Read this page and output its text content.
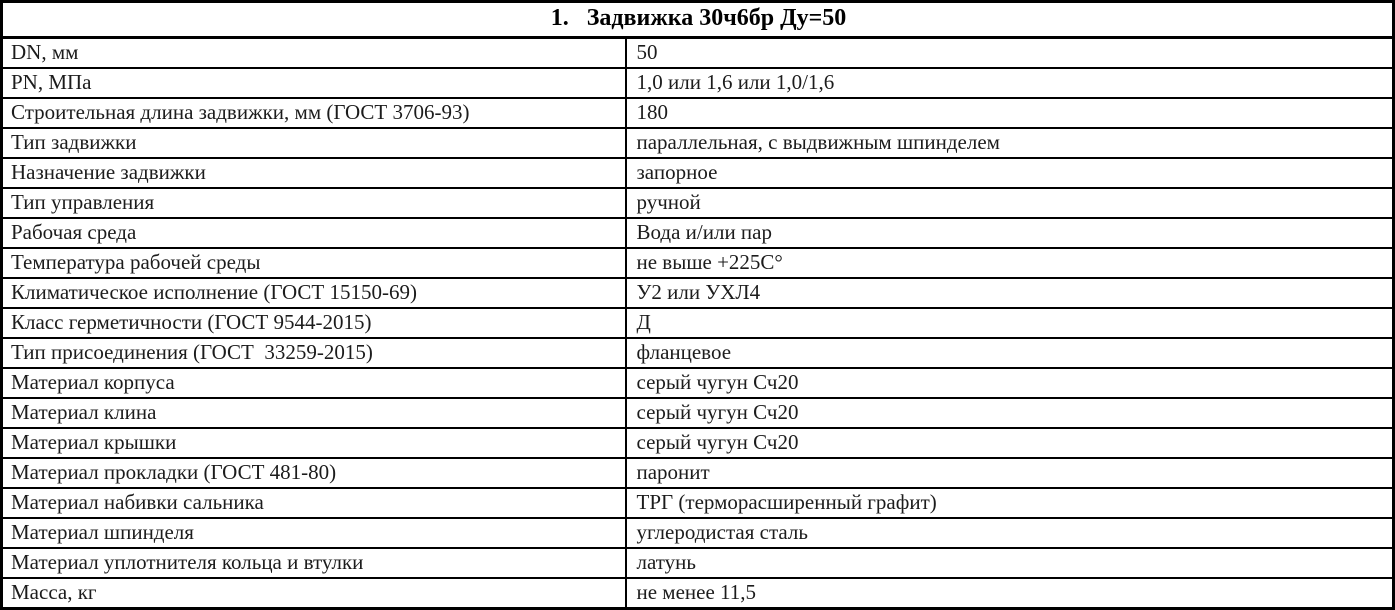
1.   Задвижка 30ч6бр Ду=50	
DN, мм	50
PN, МПа	1,0 или 1,6 или 1,0/1,6
Строительная длина задвижки, мм (ГОСТ 3706-93)	180
Тип задвижки	параллельная, с выдвижным шпинделем
Назначение задвижки	запорное
Тип управления	ручной
Рабочая среда	Вода и/или пар
Температура рабочей среды	не выше +225С°
Климатическое исполнение (ГОСТ 15150-69)	У2 или УХЛ4
Класс герметичности (ГОСТ 9544-2015)	Д
Тип присоединения (ГОСТ  33259-2015)	фланцевое
Материал корпуса	серый чугун Сч20
Материал клина	серый чугун Сч20
Материал крышки	серый чугун Сч20
Материал прокладки (ГОСТ 481-80)	паронит
Материал набивки сальника	ТРГ (терморасширенный графит)
Материал шпинделя	углеродистая сталь
Материал уплотнителя кольца и втулки	латунь
Масса, кг	не менее 11,5
